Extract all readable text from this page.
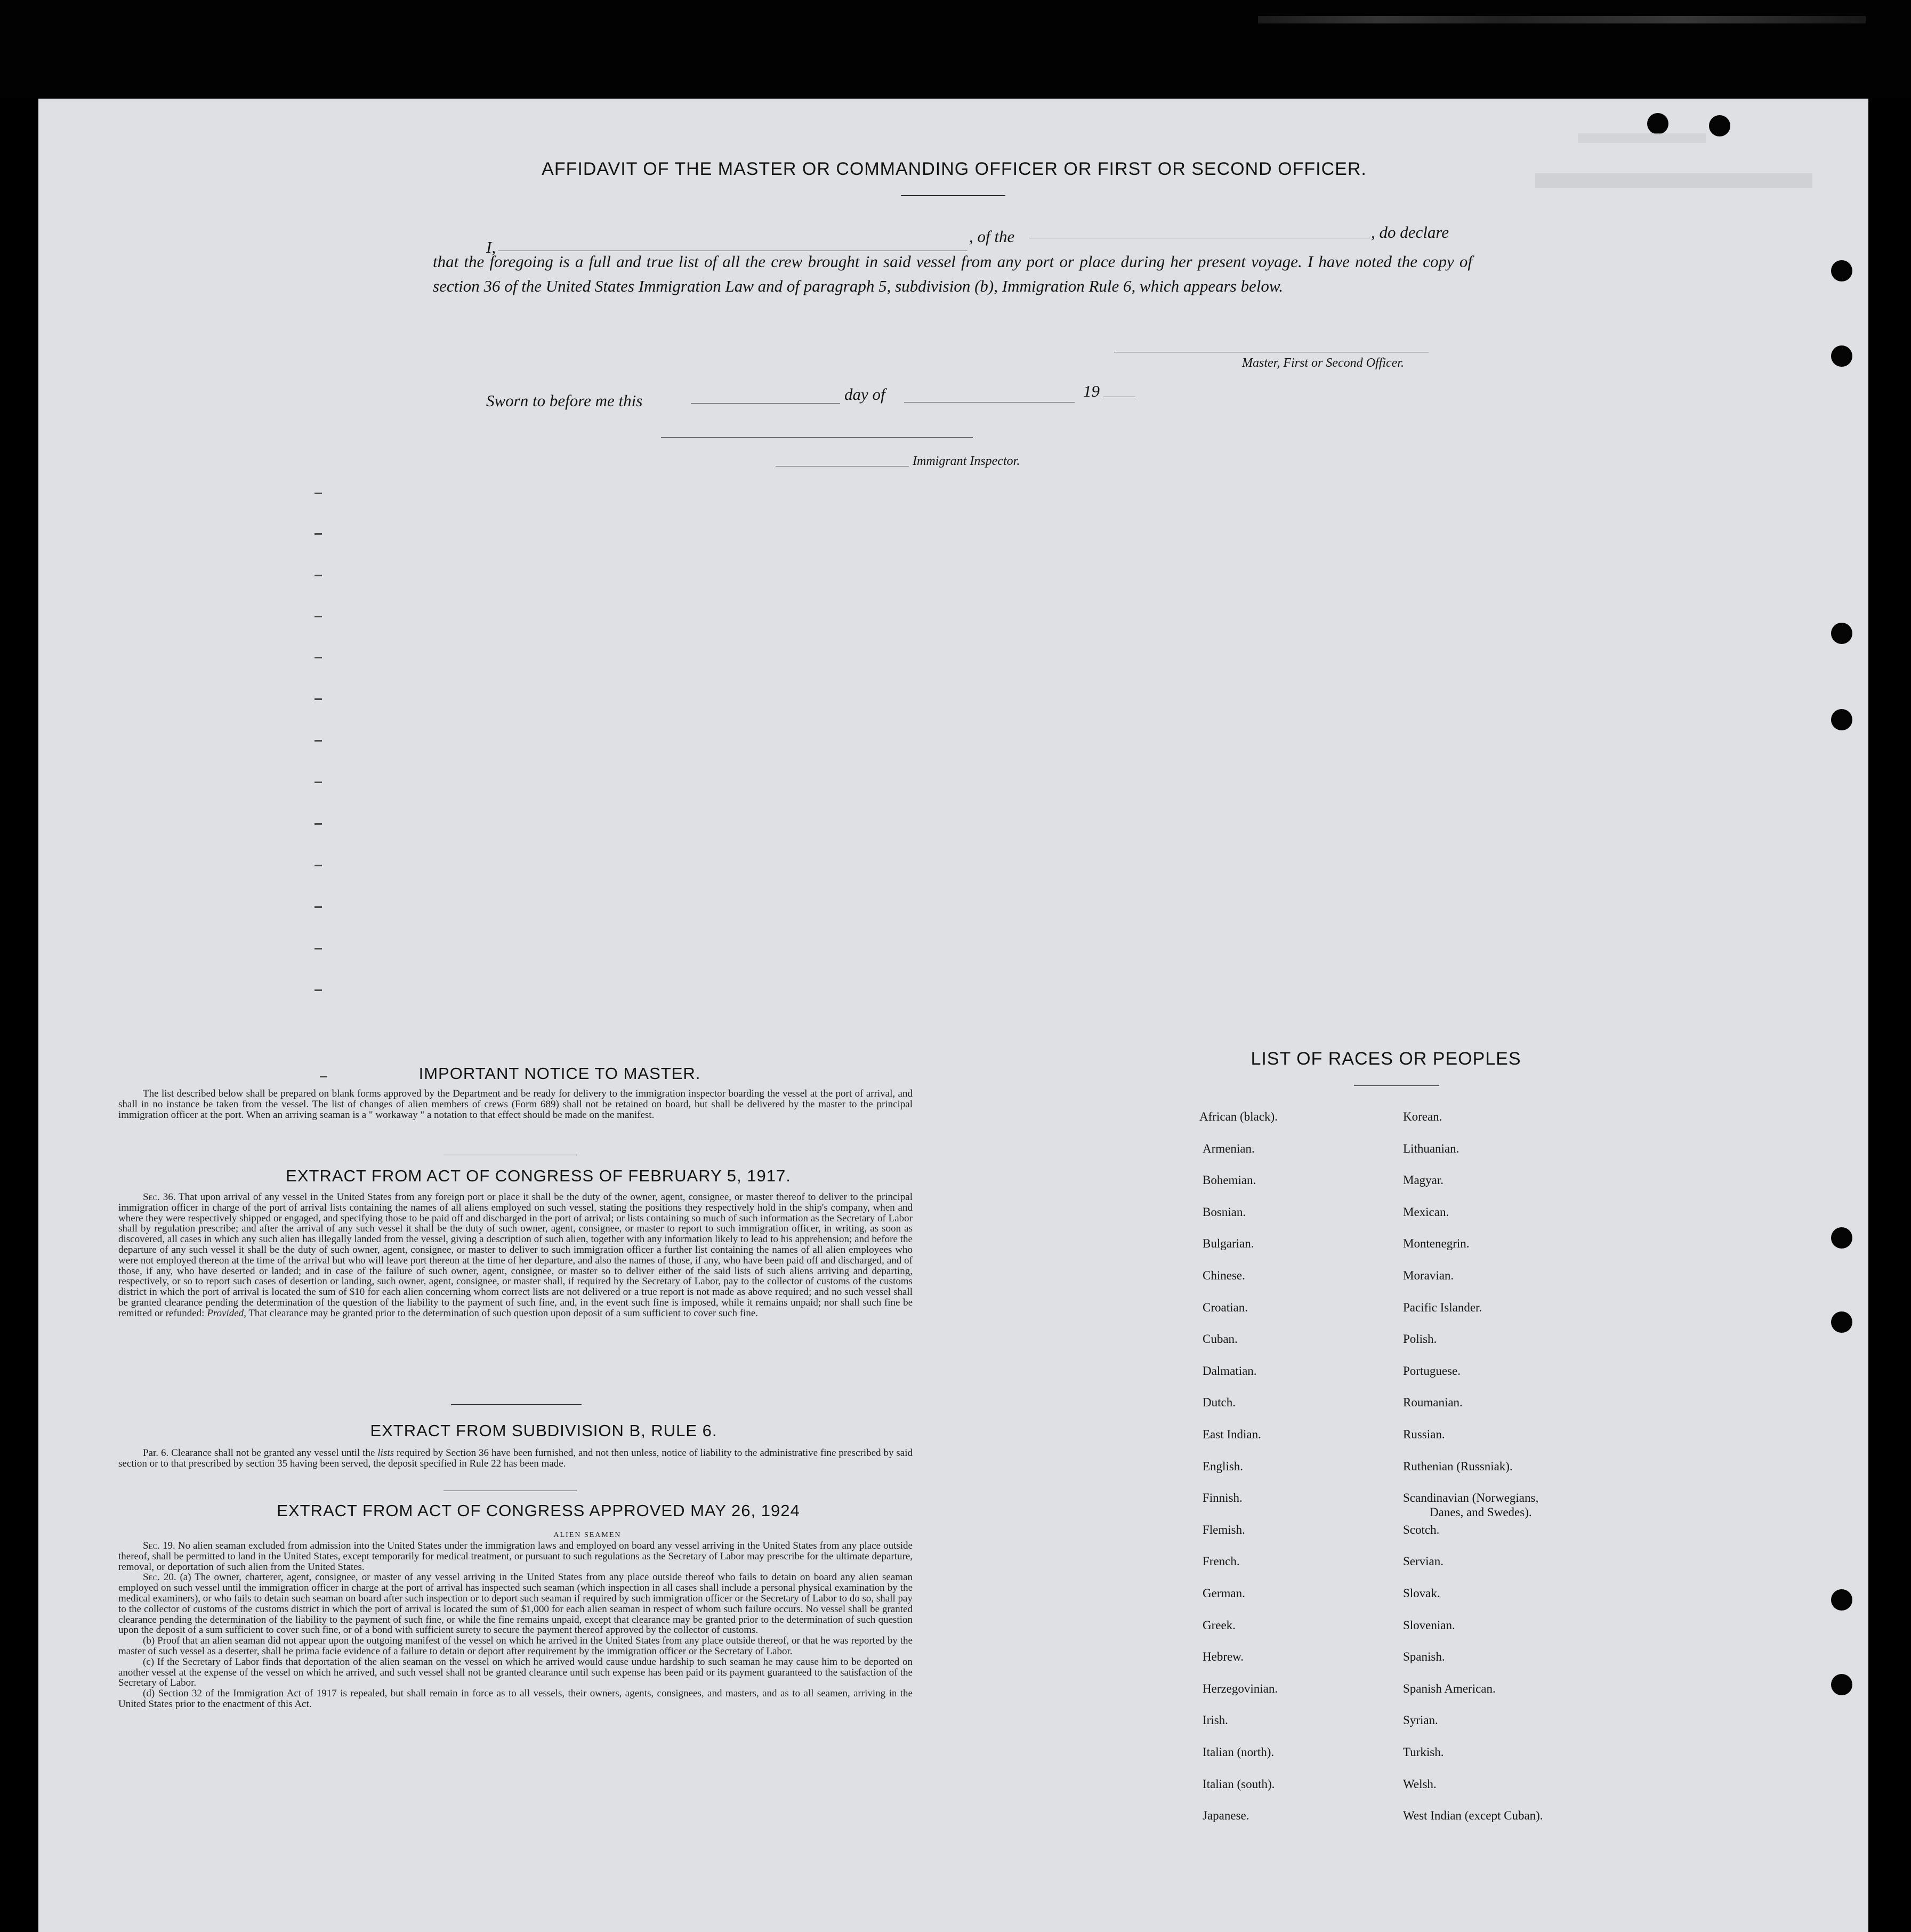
AFFIDAVIT OF THE MASTER OR COMMANDING OFFICER OR FIRST OR SECOND OFFICER.
I,
, of the	, do declare
that the foregoing is a full and true list of all the crew brought in said vessel from any port or place during her present voyage. I have noted the copy of section 36 of the United States Immigration Law and of paragraph 5, subdivision (b), Immigration Rule 6, which appears below.
Master, First or Second Officer.
Sworn to before me this	day of	19
Immigrant Inspector.
IMPORTANT NOTICE TO MASTER.
The list described below shall be prepared on blank forms approved by the Department and be ready for delivery to the immigration inspector boarding the vessel at the port of arrival, and shall in no instance be taken from the vessel. The list of changes of alien members of crews (Form 689) shall not be retained on board, but shall be delivered by the master to the principal immigration officer at the port. When an arriving seaman is a " workaway " a notation to that effect should be made on the manifest.
EXTRACT FROM ACT OF CONGRESS OF FEBRUARY 5, 1917.
Sec. 36. That upon arrival of any vessel in the United States from any foreign port or place it shall be the duty of the owner, agent, consignee, or master thereof to deliver to the principal immigration officer in charge of the port of arrival lists containing the names of all aliens employed on such vessel, stating the positions they respectively hold in the ship's company, when and where they were respectively shipped or engaged, and specifying those to be paid off and discharged in the port of arrival; or lists containing so much of such information as the Secretary of Labor shall by regulation prescribe; and after the arrival of any such vessel it shall be the duty of such owner, agent, consignee, or master to report to such immigration officer, in writing, as soon as discovered, all cases in which any such alien has illegally landed from the vessel, giving a description of such alien, together with any information likely to lead to his apprehension; and before the departure of any such vessel it shall be the duty of such owner, agent, consignee, or master to deliver to such immigration officer a further list containing the names of all alien employees who were not employed thereon at the time of the arrival but who will leave port thereon at the time of her departure, and also the names of those, if any, who have been paid off and discharged, and of those, if any, who have deserted or landed; and in case of the failure of such owner, agent, consignee, or master so to deliver either of the said lists of such aliens arriving and departing, respectively, or so to report such cases of desertion or landing, such owner, agent, consignee, or master shall, if required by the Secretary of Labor, pay to the collector of customs of the customs district in which the port of arrival is located the sum of $10 for each alien concerning whom correct lists are not delivered or a true report is not made as above required; and no such vessel shall be granted clearance pending the determination of the question of the liability to the payment of such fine, and, in the event such fine is imposed, while it remains unpaid; nor shall such fine be remitted or refunded: Provided, That clearance may be granted prior to the determination of such question upon deposit of a sum sufficient to cover such fine.
EXTRACT FROM SUBDIVISION B, RULE 6.
Par. 6. Clearance shall not be granted any vessel until the lists required by Section 36 have been furnished, and not then unless, notice of liability to the administrative fine prescribed by said section or to that prescribed by section 35 having been served, the deposit specified in Rule 22 has been made.
EXTRACT FROM ACT OF CONGRESS APPROVED MAY 26, 1924
ALIEN SEAMEN
Sec. 19. No alien seaman excluded from admission into the United States under the immigration laws and employed on board any vessel arriving in the United States from any place outside thereof, shall be permitted to land in the United States, except temporarily for medical treatment, or pursuant to such regulations as the Secretary of Labor may prescribe for the ultimate departure, removal, or deportation of such alien from the United States.
Sec. 20. (a) The owner, charterer, agent, consignee, or master of any vessel arriving in the United States from any place outside thereof who fails to detain on board any alien seaman employed on such vessel until the immigration officer in charge at the port of arrival has inspected such seaman (which inspection in all cases shall include a personal physical examination by the medical examiners), or who fails to detain such seaman on board after such inspection or to deport such seaman if required by such immigration officer or the Secretary of Labor to do so, shall pay to the collector of customs of the customs district in which the port of arrival is located the sum of $1,000 for each alien seaman in respect of whom such failure occurs. No vessel shall be granted clearance pending the determination of the liability to the payment of such fine, or while the fine remains unpaid, except that clearance may be granted prior to the determination of such question upon the deposit of a sum sufficient to cover such fine, or of a bond with sufficient surety to secure the payment thereof approved by the collector of customs.
(b) Proof that an alien seaman did not appear upon the outgoing manifest of the vessel on which he arrived in the United States from any place outside thereof, or that he was reported by the master of such vessel as a deserter, shall be prima facie evidence of a failure to detain or deport after requirement by the immigration officer or the Secretary of Labor.
(c) If the Secretary of Labor finds that deportation of the alien seaman on the vessel on which he arrived would cause undue hardship to such seaman he may cause him to be deported on another vessel at the expense of the vessel on which he arrived, and such vessel shall not be granted clearance until such expense has been paid or its payment guaranteed to the satisfaction of the Secretary of Labor.
(d) Section 32 of the Immigration Act of 1917 is repealed, but shall remain in force as to all vessels, their owners, agents, consignees, and masters, and as to all seamen, arriving in the United States prior to the enactment of this Act.
LIST OF RACES OR PEOPLES
African (black).
Armenian.
Bohemian.
Bosnian.
Bulgarian.
Chinese.
Croatian.
Cuban.
Dalmatian.
Dutch.
East Indian.
English.
Finnish.
Flemish.
French.
German.
Greek.
Hebrew.
Herzegovinian.
Irish.
Italian (north).
Italian (south).
Japanese.
Korean.
Lithuanian.
Magyar.
Mexican.
Montenegrin.
Moravian.
Pacific Islander.
Polish.
Portuguese.
Roumanian.
Russian.
Ruthenian (Russniak).
Scandinavian (Norwegians,
Danes, and Swedes).
Scotch.
Servian.
Slovak.
Slovenian.
Spanish.
Spanish American.
Syrian.
Turkish.
Welsh.
West Indian (except Cuban).
